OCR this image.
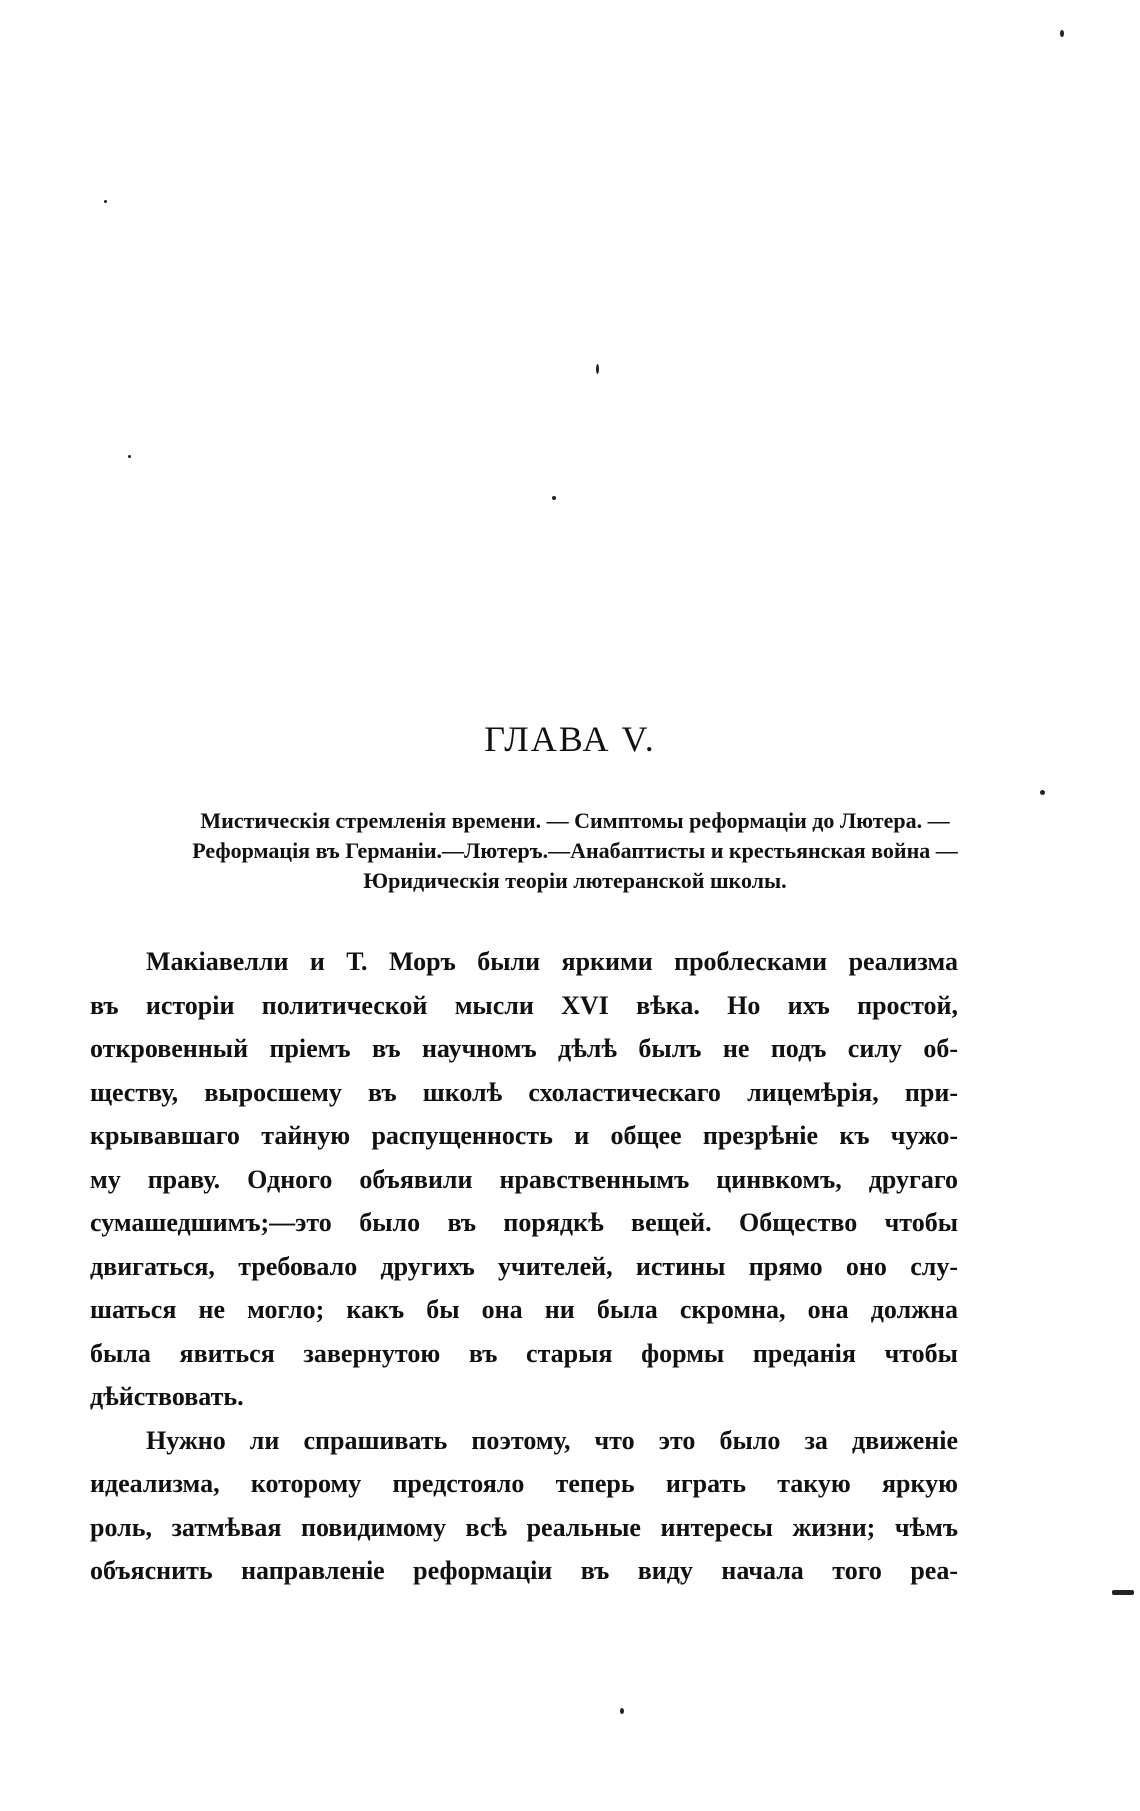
ГЛАВА V.
Мистическія стремленія времени. — Симптомы реформаціи до Лютера. —
Реформація въ Германіи.—Лютеръ.—Анабаптисты и крестьянская война —
Юридическія теоріи лютеранской школы.

Макіавелли и Т. Моръ были яркими проблесками реализма
въ исторіи политической мысли XVI вѣка. Но ихъ простой,
откровенный пріемъ въ научномъ дѣлѣ былъ не подъ силу об-
ществу, выросшему въ школѣ схоластическаго лицемѣрія, при-
крывавшаго тайную распущенность и общее презрѣніе къ чужо-
му праву. Одного объявили нравственнымъ цинвкомъ, другаго
сумашедшимъ;—это было въ порядкѣ вещей. Общество чтобы
двигаться, требовало другихъ учителей, истины прямо оно слу-
шаться не могло; какъ бы она ни была скромна, она должна
была явиться завернутою въ старыя формы преданія чтобы
дѣйствовать.

Нужно ли спрашивать поэтому, что это было за движеніе
идеализма, которому предстояло теперь играть такую яркую
роль, затмѣвая повидимому всѣ реальные интересы жизни; чѣмъ
объяснить направленіе реформаціи въ виду начала того реа-
